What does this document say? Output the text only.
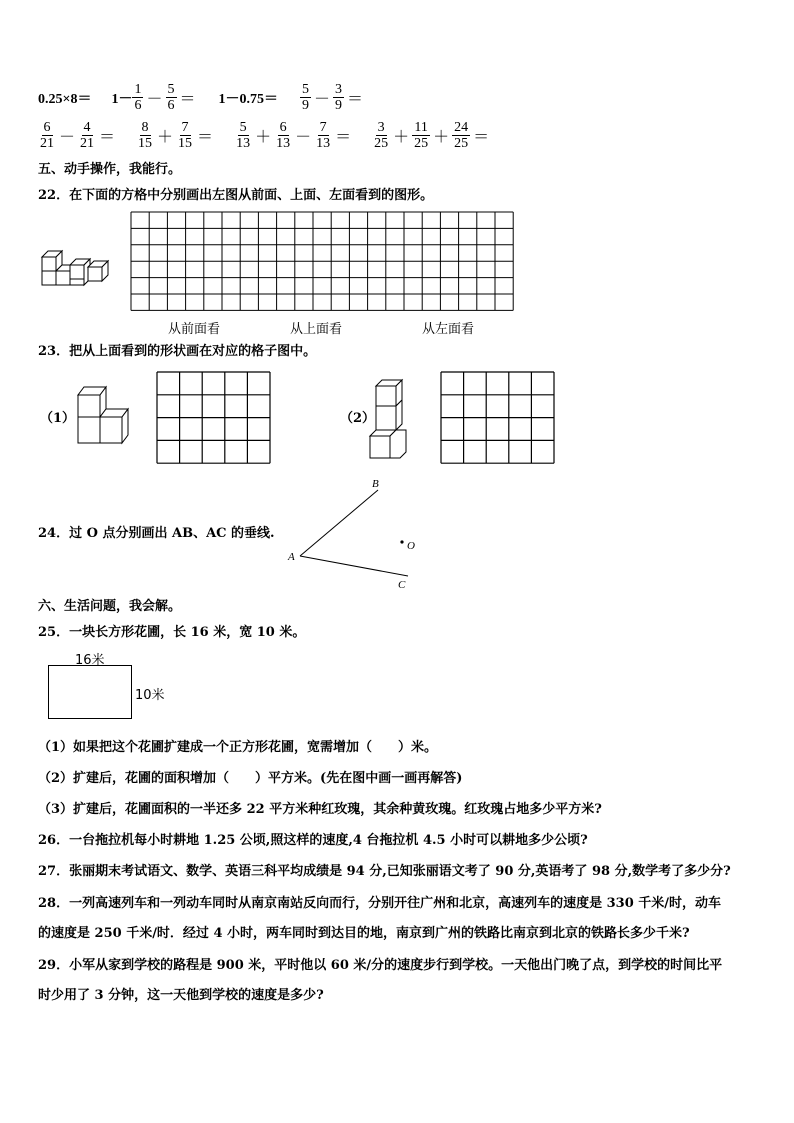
$0.25\times 8= 1- \frac{1}{6} - \frac{5}{6} = 1-0.75= \frac{5}{9} - \frac{3}{9}$ ＝
$\frac{6}{21} - \frac{4}{21} = \frac{8}{15} + \frac{7}{15} = \frac{5}{13} + \frac{6}{13} - \frac{7}{13} = \frac{3}{25} + \frac{11}{25} + \frac{24}{25}$ ＝
五、动手操作，我能行。
22．在下面的方格中分别画出左图从前面、上面、左面看到的图形。
从前面看	从上面看	从左面看
23．把从上面看到的形状画在对应的格子图中。
（1）	（2）
24．过 O 点分别画出 AB、AC 的垂线.
A
B
C
O
六、生活问题，我会解。
25．一块长方形花圃，长 16 米，宽 10 米。
16米
10米
（1）如果把这个花圃扩建成一个正方形花圃，宽需增加（　　）米。
（2）扩建后，花圃的面积增加（　　）平方米。(先在图中画一画再解答)
（3）扩建后，花圃面积的一半还多 22 平方米种红玫瑰，其余种黄玫瑰。红玫瑰占地多少平方米?
26．一台拖拉机每小时耕地 1.25 公顷,照这样的速度,4 台拖拉机 4.5 小时可以耕地多少公顷?
27．张丽期末考试语文、数学、英语三科平均成绩是 94 分,已知张丽语文考了 90 分,英语考了 98 分,数学考了多少分?
28．一列高速列车和一列动车同时从南京南站反向而行，分别开往广州和北京，高速列车的速度是 330 千米/时，动车
的速度是 250 千米/时．经过 4 小时，两车同时到达目的地，南京到广州的铁路比南京到北京的铁路长多少千米?
29．小军从家到学校的路程是 900 米，平时他以 60 米/分的速度步行到学校。一天他出门晚了点，到学校的时间比平
时少用了 3 分钟，这一天他到学校的速度是多少?
